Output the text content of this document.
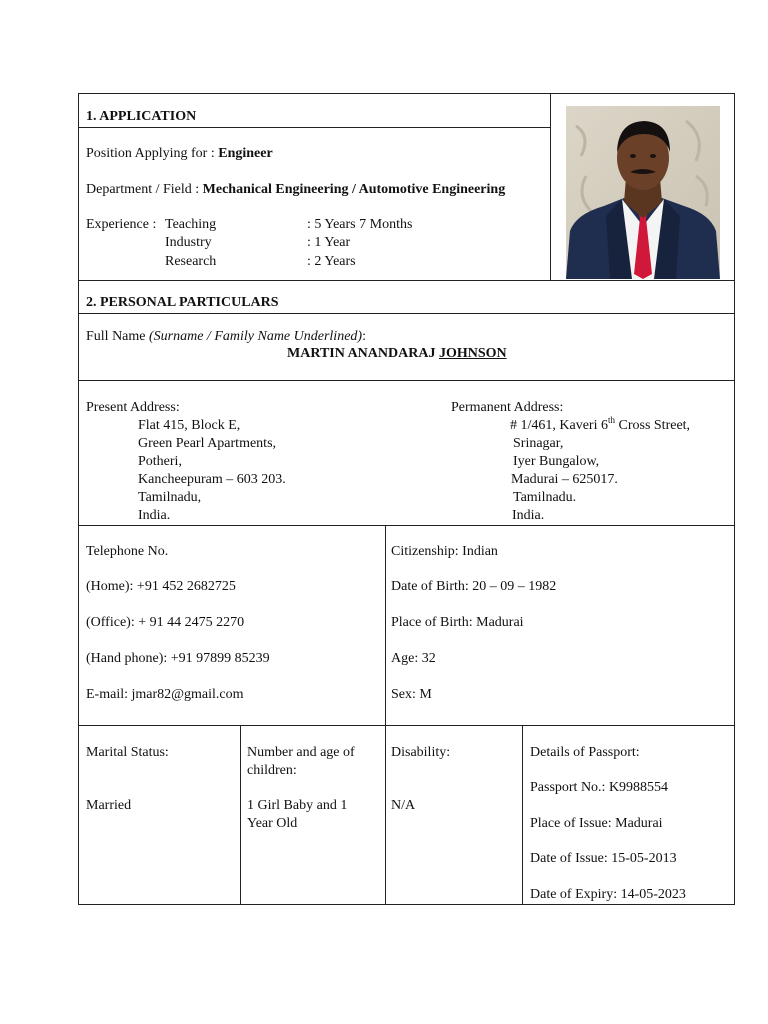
1. APPLICATION
Position Applying for : Engineer
Department / Field : Mechanical Engineering / Automotive Engineering
Experience : Teaching	: 5 Years 7 Months
Industry	: 1 Year
Research	: 2 Years
2. PERSONAL PARTICULARS
Full Name (Surname / Family Name Underlined):
MARTIN ANANDARAJ JOHNSON
Present Address:
Flat 415, Block E,
Green Pearl Apartments,
Potheri,
Kancheepuram – 603 203.
Tamilnadu,
India.
Permanent Address:
# 1/461, Kaveri 6th Cross Street,
Srinagar,
Iyer Bungalow,
Madurai – 625017.
Tamilnadu.
India.
Telephone No.
(Home): +91 452 2682725
(Office): + 91 44 2475 2270
(Hand phone): +91 97899 85239
E-mail: jmar82@gmail.com
Citizenship: Indian
Date of Birth: 20 – 09 – 1982
Place of Birth: Madurai
Age: 32
Sex: M
Marital Status:
Married
Number and age of
children:
1 Girl Baby and 1
Year Old
Disability:
N/A
Details of Passport:
Passport No.: K9988554
Place of Issue: Madurai
Date of Issue: 15-05-2013
Date of Expiry: 14-05-2023
